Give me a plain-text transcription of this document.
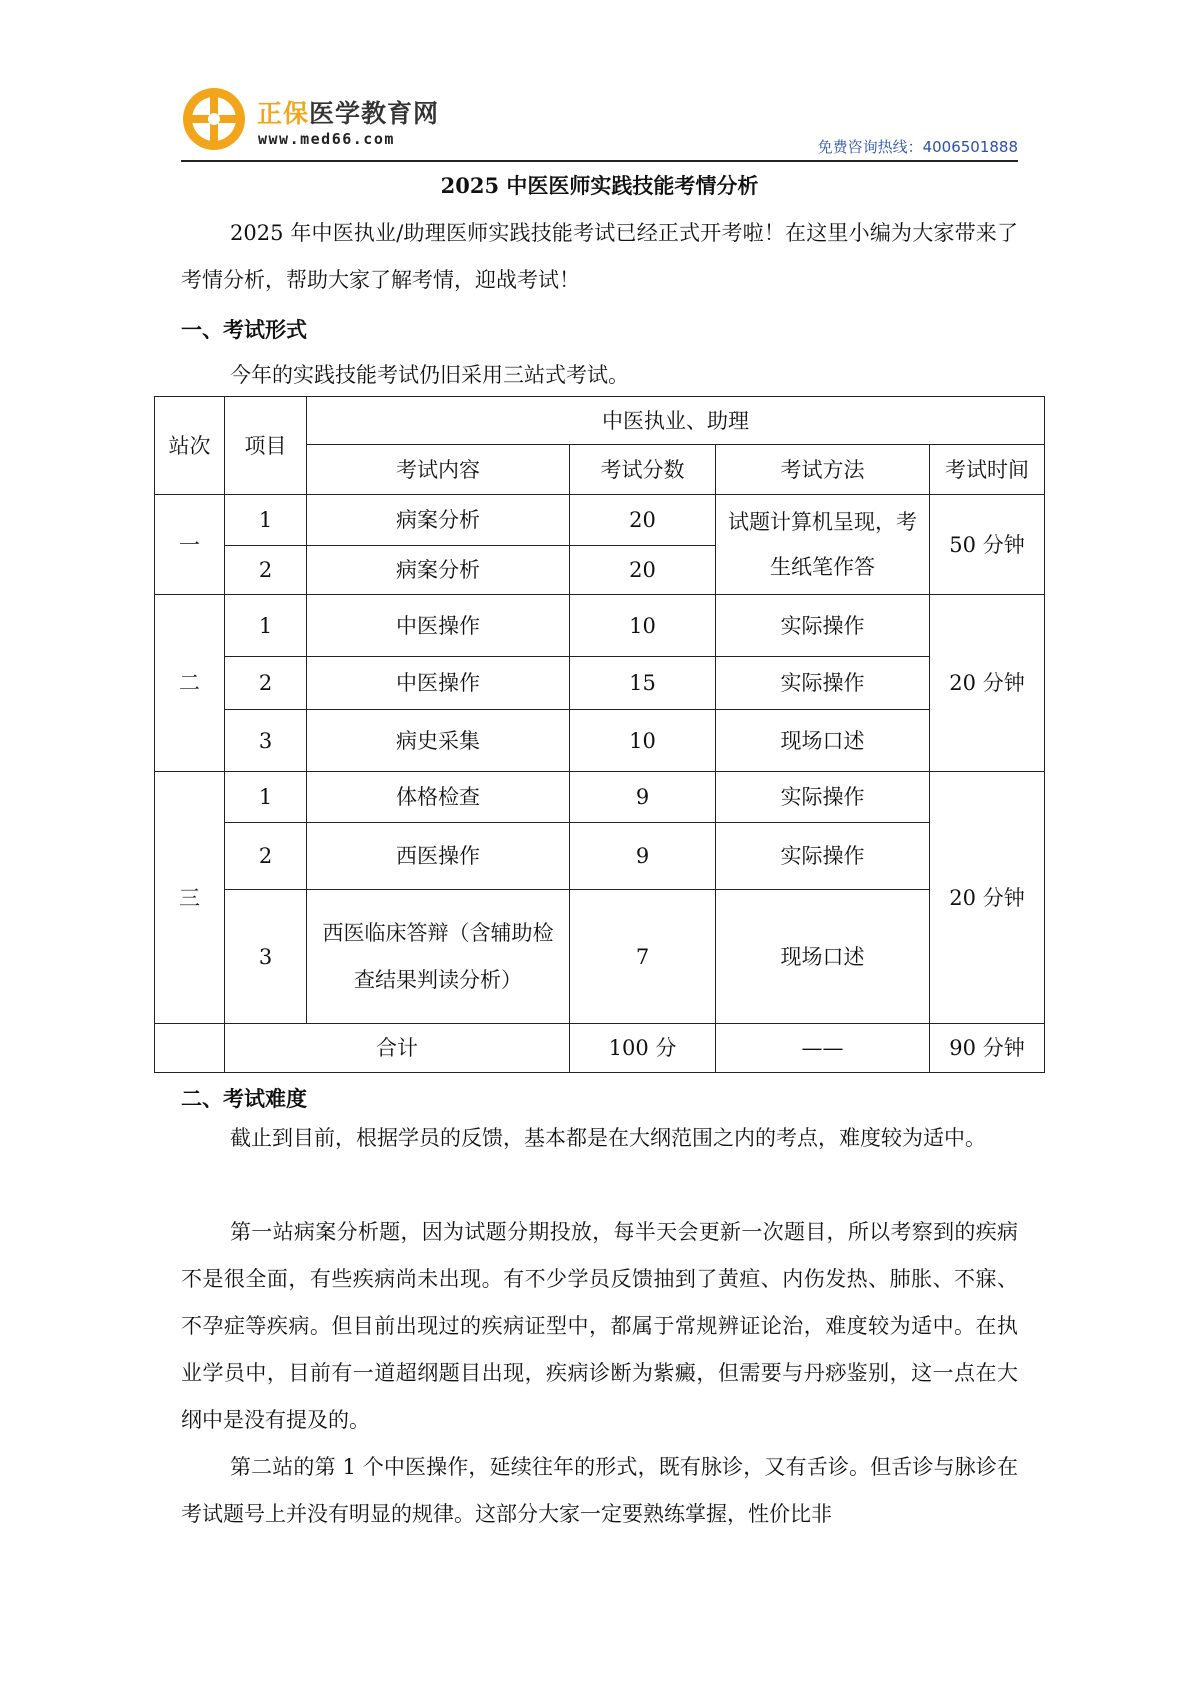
正保医学教育网
www.med66.com	免费咨询热线：4006501888
2025 中医医师实践技能考情分析

2025 年中医执业/助理医师实践技能考试已经正式开考啦！在这里小编为大家带来了考情分析，帮助大家了解考情，迎战考试！

一、考试形式

今年的实践技能考试仍旧采用三站式考试。

站次	项目	中医执业、助理			
		考试内容	考试分数	考试方法	考试时间
一	1	病案分析	20	试题计算机呈现，考生纸笔作答	50 分钟
	2	病案分析	20		
二	1	中医操作	10	实际操作	20 分钟
	2	中医操作	15	实际操作	
	3	病史采集	10	现场口述	
三	1	体格检查	9	实际操作	20 分钟
	2	西医操作	9	实际操作	
	3	西医临床答辩（含辅助检查结果判读分析）	7	现场口述	
	合计		100 分	——	90 分钟
二、考试难度

截止到目前，根据学员的反馈，基本都是在大纲范围之内的考点，难度较为适中。

第一站病案分析题，因为试题分期投放，每半天会更新一次题目，所以考察到的疾病不是很全面，有些疾病尚未出现。有不少学员反馈抽到了黄疸、内伤发热、肺胀、不寐、不孕症等疾病。但目前出现过的疾病证型中，都属于常规辨证论治，难度较为适中。在执业学员中，目前有一道超纲题目出现，疾病诊断为紫癜，但需要与丹痧鉴别，这一点在大纲中是没有提及的。

第二站的第 1 个中医操作，延续往年的形式，既有脉诊，又有舌诊。但舌诊与脉诊在考试题号上并没有明显的规律。这部分大家一定要熟练掌握，性价比非
